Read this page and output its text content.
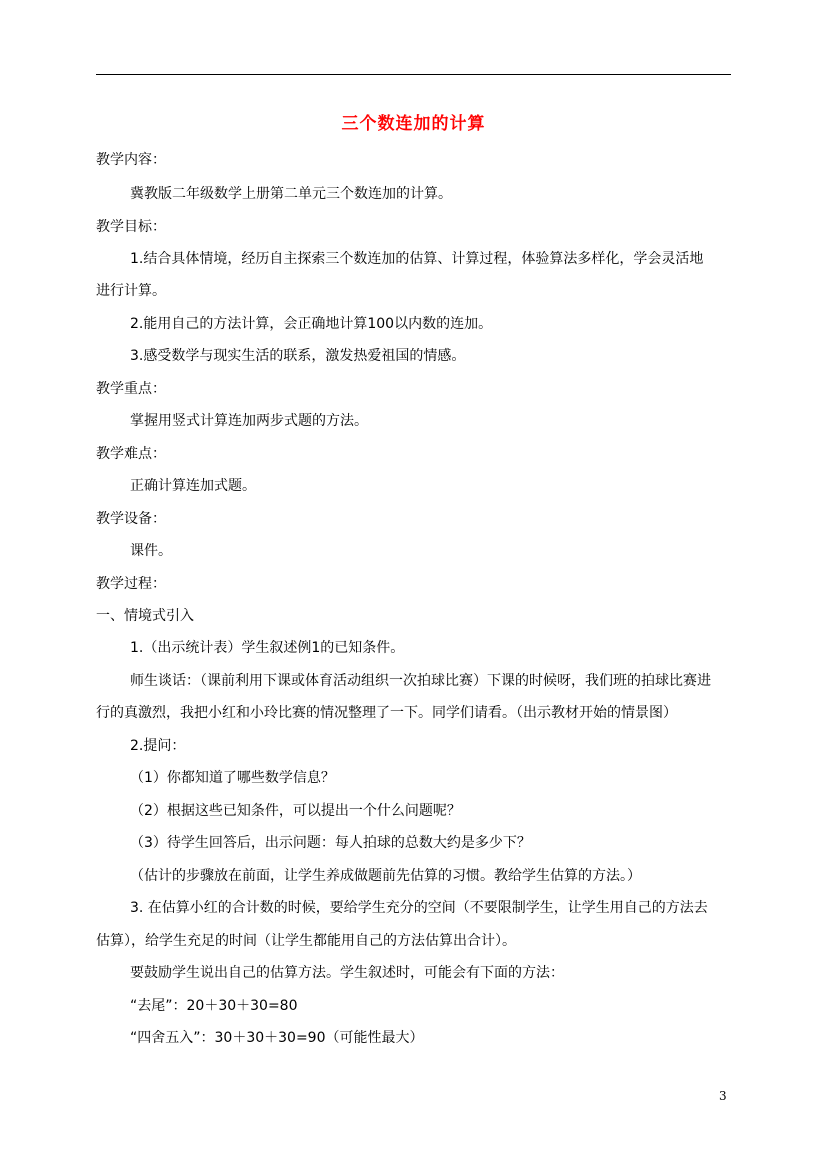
三个数连加的计算
教学内容：
冀教版二年级数学上册第二单元三个数连加的计算。
教学目标：
1.结合具体情境，经历自主探索三个数连加的估算、计算过程，体验算法多样化，学会灵活地
进行计算。
2.能用自己的方法计算，会正确地计算100以内数的连加。
3.感受数学与现实生活的联系，激发热爱祖国的情感。
教学重点：
掌握用竖式计算连加两步式题的方法。
教学难点：
正确计算连加式题。
教学设备：
课件。
教学过程：
一、情境式引入
1.（出示统计表）学生叙述例1的已知条件。
师生谈话：（课前利用下课或体育活动组织一次拍球比赛）下课的时候呀，我们班的拍球比赛进
行的真激烈，我把小红和小玲比赛的情况整理了一下。同学们请看。（出示教材开始的情景图）
2.提问：
（1）你都知道了哪些数学信息？
（2）根据这些已知条件，可以提出一个什么问题呢？
（3）待学生回答后，出示问题：每人拍球的总数大约是多少下？
（估计的步骤放在前面，让学生养成做题前先估算的习惯。教给学生估算的方法。）
3. 在估算小红的合计数的时候，要给学生充分的空间（不要限制学生，让学生用自己的方法去
估算），给学生充足的时间（让学生都能用自己的方法估算出合计）。
要鼓励学生说出自己的估算方法。学生叙述时，可能会有下面的方法：
“去尾”：20＋30＋30=80
“四舍五入”：30＋30＋30=90（可能性最大）
3
